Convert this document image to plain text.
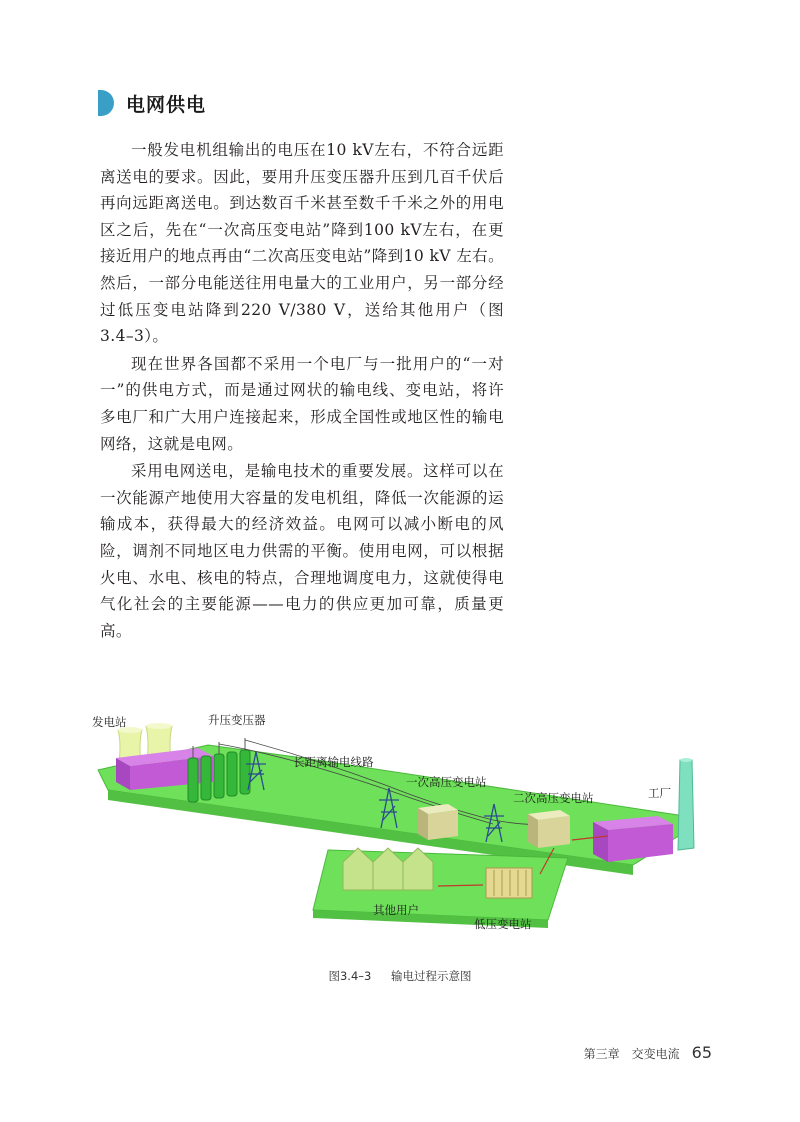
电网供电

一般发电机组输出的电压在10 kV左右，不符合远距离送电的要求。因此，要用升压变压器升压到几百千伏后再向远距离送电。到达数百千米甚至数千千米之外的用电区之后，先在“一次高压变电站”降到100 kV左右，在更接近用户的地点再由“二次高压变电站”降到10 kV 左右。然后，一部分电能送往用电量大的工业用户，另一部分经过低压变电站降到220 V/380 V，送给其他用户（图3.4–3）。

现在世界各国都不采用一个电厂与一批用户的“一对一”的供电方式，而是通过网状的输电线、变电站，将许多电厂和广大用户连接起来，形成全国性或地区性的输电网络，这就是电网。

采用电网送电，是输电技术的重要发展。这样可以在一次能源产地使用大容量的发电机组，降低一次能源的运输成本，获得最大的经济效益。电网可以减小断电的风险，调剂不同地区电力供需的平衡。使用电网，可以根据火电、水电、核电的特点，合理地调度电力，这就使得电气化社会的主要能源——电力的供应更加可靠，质量更高。

发电站	升压变压器
长距离输电线路
一次高压变电站
二次高压变电站	工厂
其他用户
低压变电站
图3.4–3 输电过程示意图
第三章　交变电流 65
